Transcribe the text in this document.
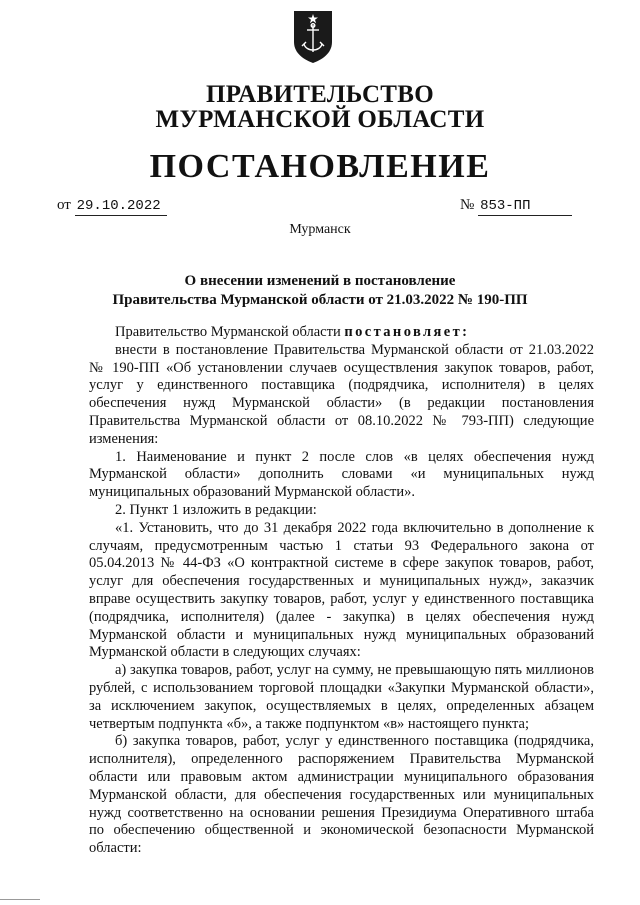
ПРАВИТЕЛЬСТВО
МУРМАНСКОЙ ОБЛАСТИ
ПОСТАНОВЛЕНИЕ
от 29.10.2022	№ 853-ПП
Мурманск
О внесении изменений в постановление
Правительства Мурманской области от 21.03.2022 № 190-ПП

Правительство Мурманской области постановляет:

внести в постановление Правительства Мурманской области от 21.03.2022 № 190-ПП «Об установлении случаев осуществления закупок товаров, работ, услуг у единственного поставщика (подрядчика, исполнителя) в целях обеспечения нужд Мурманской области» (в редакции постановления Правительства Мурманской области от 08.10.2022 № 793-ПП) следующие изменения:

1. Наименование и пункт 2 после слов «в целях обеспечения нужд Мурманской области» дополнить словами «и муниципальных нужд муниципальных образований Мурманской области».

2. Пункт 1 изложить в редакции:

«1. Установить, что до 31 декабря 2022 года включительно в дополнение к случаям, предусмотренным частью 1 статьи 93 Федерального закона от 05.04.2013 № 44-ФЗ «О контрактной системе в сфере закупок товаров, работ, услуг для обеспечения государственных и муниципальных нужд», заказчик вправе осуществить закупку товаров, работ, услуг у единственного поставщика (подрядчика, исполнителя) (далее - закупка) в целях обеспечения нужд Мурманской области и муниципальных нужд муниципальных образований Мурманской области в следующих случаях:

а) закупка товаров, работ, услуг на сумму, не превышающую пять миллионов рублей, с использованием торговой площадки «Закупки Мурманской области», за исключением закупок, осуществляемых в целях, определенных абзацем четвертым подпункта «б», а также подпунктом «в» настоящего пункта;

б) закупка товаров, работ, услуг у единственного поставщика (подрядчика, исполнителя), определенного распоряжением Правительства Мурманской области или правовым актом администрации муниципального образования Мурманской области, для обеспечения государственных или муниципальных нужд соответственно на основании решения Президиума Оперативного штаба по обеспечению общественной и экономической безопасности Мурманской области:
